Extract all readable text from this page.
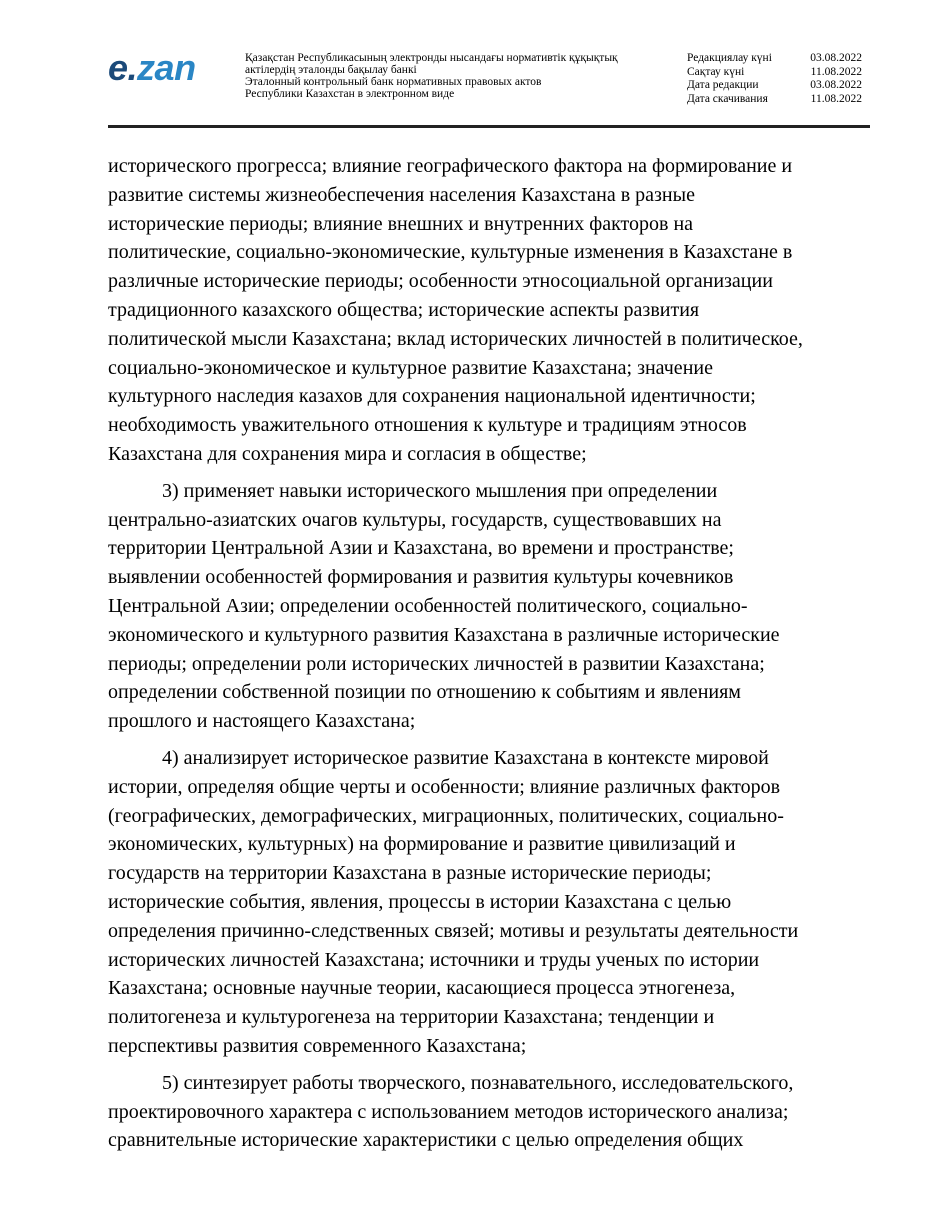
e.zan	Қазақстан Республикасының электронды нысандағы нормативтік құқықтық
актілердің эталонды бақылау банкі
Эталонный контрольный банк нормативных правовых актов
Республики Казахстан в электронном виде
Редакциялау күні	03.08.2022
Сақтау күні	11.08.2022
Дата редакции	03.08.2022
Дата скачивания	11.08.2022

исторического прогресса; влияние географического фактора на формирование и
развитие системы жизнеобеспечения населения Казахстана в разные
исторические периоды; влияние внешних и внутренних факторов на
политические, социально-экономические, культурные изменения в Казахстане в
различные исторические периоды; особенности этносоциальной организации
традиционного казахского общества; исторические аспекты развития
политической мысли Казахстана; вклад исторических личностей в политическое,
социально-экономическое и культурное развитие Казахстана; значение
культурного наследия казахов для сохранения национальной идентичности;
необходимость уважительного отношения к культуре и традициям этносов
Казахстана для сохранения мира и согласия в обществе;

3) применяет навыки исторического мышления при определении
центрально-азиатских очагов культуры, государств, существовавших на
территории Центральной Азии и Казахстана, во времени и пространстве;
выявлении особенностей формирования и развития культуры кочевников
Центральной Азии; определении особенностей политического, социально-
экономического и культурного развития Казахстана в различные исторические
периоды; определении роли исторических личностей в развитии Казахстана;
определении собственной позиции по отношению к событиям и явлениям
прошлого и настоящего Казахстана;

4) анализирует историческое развитие Казахстана в контексте мировой
истории, определяя общие черты и особенности; влияние различных факторов
(географических, демографических, миграционных, политических, социально-
экономических, культурных) на формирование и развитие цивилизаций и
государств на территории Казахстана в разные исторические периоды;
исторические события, явления, процессы в истории Казахстана с целью
определения причинно-следственных связей; мотивы и результаты деятельности
исторических личностей Казахстана; источники и труды ученых по истории
Казахстана; основные научные теории, касающиеся процесса этногенеза,
политогенеза и культурогенеза на территории Казахстана; тенденции и
перспективы развития современного Казахстана;

5) синтезирует работы творческого, познавательного, исследовательского,
проектировочного характера с использованием методов исторического анализа;
сравнительные исторические характеристики с целью определения общих
